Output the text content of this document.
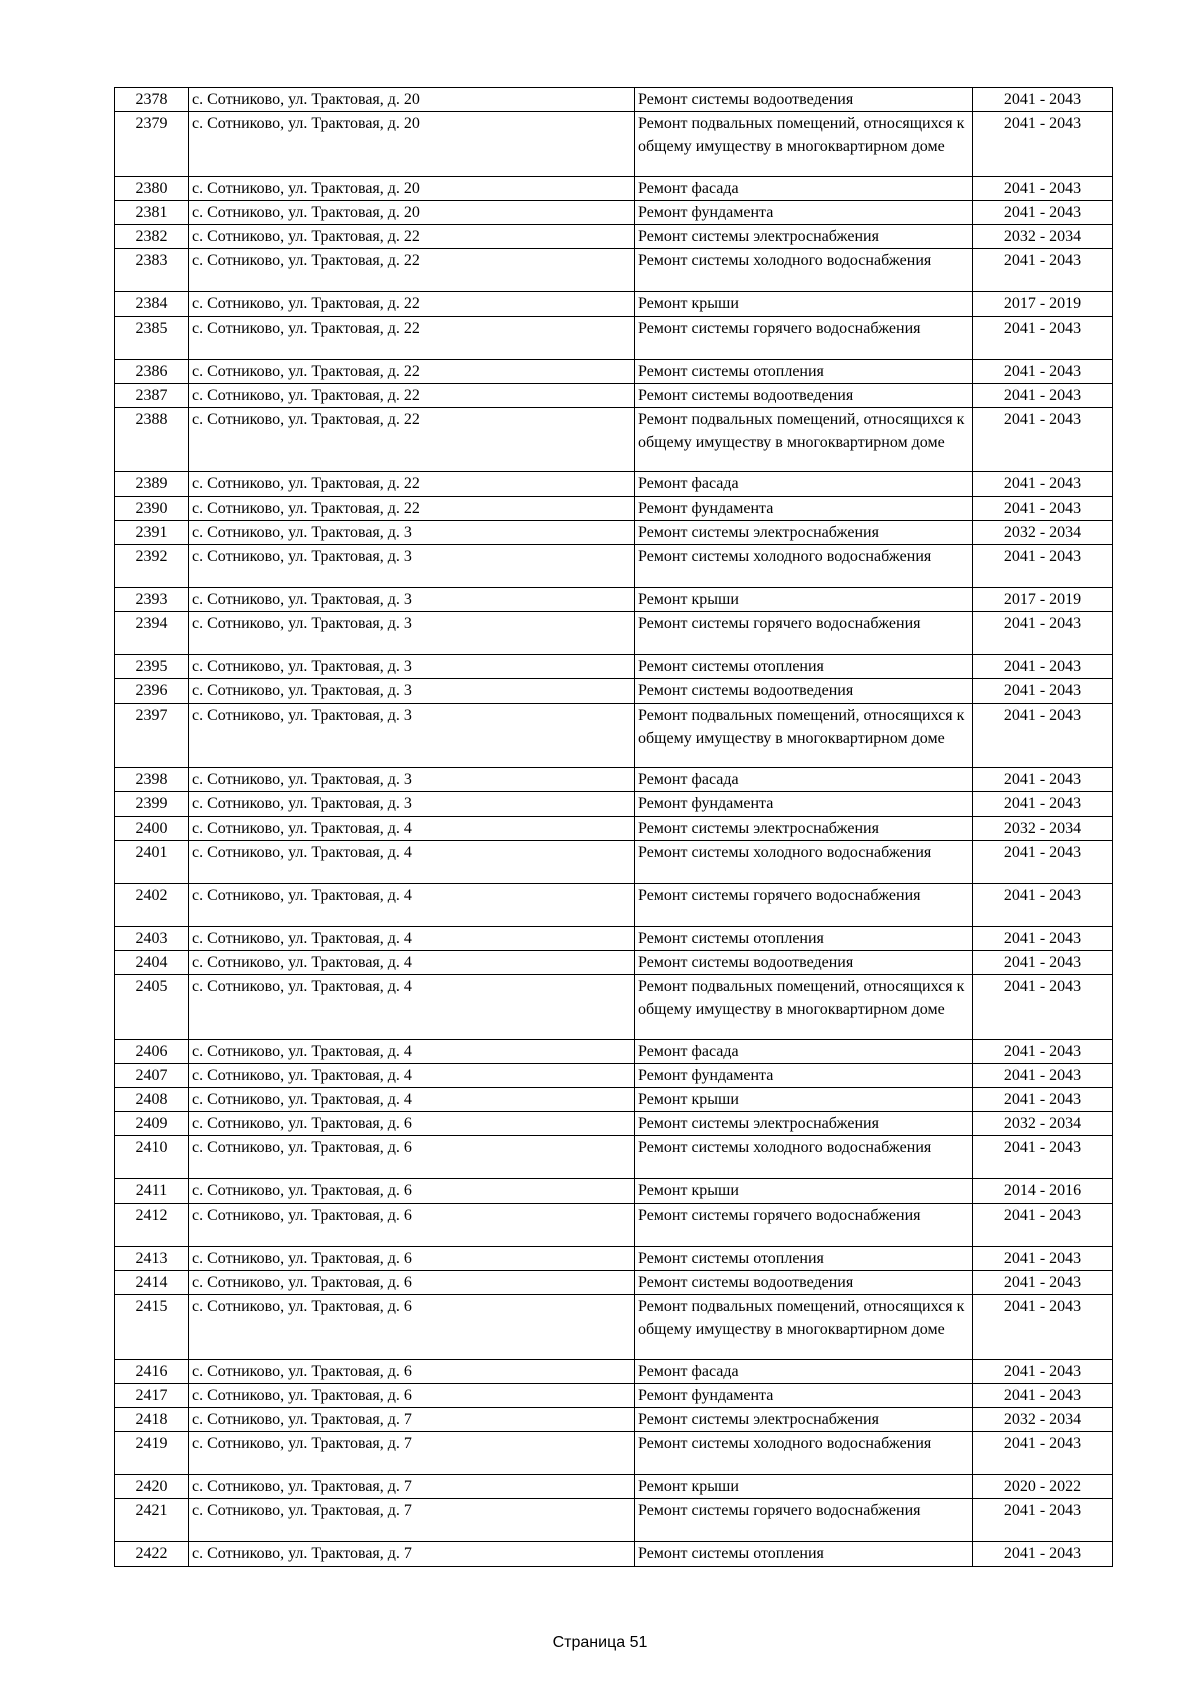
2378	с. Сотниково, ул. Трактовая, д. 20	Ремонт системы водоотведения	2041 - 2043
2379	с. Сотниково, ул. Трактовая, д. 20	Ремонт подвальных помещений, относящихся к общему имуществу в многоквартирном доме	2041 - 2043
2380	с. Сотниково, ул. Трактовая, д. 20	Ремонт фасада	2041 - 2043
2381	с. Сотниково, ул. Трактовая, д. 20	Ремонт фундамента	2041 - 2043
2382	с. Сотниково, ул. Трактовая, д. 22	Ремонт системы электроснабжения	2032 - 2034
2383	с. Сотниково, ул. Трактовая, д. 22	Ремонт системы холодного водоснабжения	2041 - 2043
2384	с. Сотниково, ул. Трактовая, д. 22	Ремонт крыши	2017 - 2019
2385	с. Сотниково, ул. Трактовая, д. 22	Ремонт системы горячего водоснабжения	2041 - 2043
2386	с. Сотниково, ул. Трактовая, д. 22	Ремонт системы отопления	2041 - 2043
2387	с. Сотниково, ул. Трактовая, д. 22	Ремонт системы водоотведения	2041 - 2043
2388	с. Сотниково, ул. Трактовая, д. 22	Ремонт подвальных помещений, относящихся к общему имуществу в многоквартирном доме	2041 - 2043
2389	с. Сотниково, ул. Трактовая, д. 22	Ремонт фасада	2041 - 2043
2390	с. Сотниково, ул. Трактовая, д. 22	Ремонт фундамента	2041 - 2043
2391	с. Сотниково, ул. Трактовая, д. 3	Ремонт системы электроснабжения	2032 - 2034
2392	с. Сотниково, ул. Трактовая, д. 3	Ремонт системы холодного водоснабжения	2041 - 2043
2393	с. Сотниково, ул. Трактовая, д. 3	Ремонт крыши	2017 - 2019
2394	с. Сотниково, ул. Трактовая, д. 3	Ремонт системы горячего водоснабжения	2041 - 2043
2395	с. Сотниково, ул. Трактовая, д. 3	Ремонт системы отопления	2041 - 2043
2396	с. Сотниково, ул. Трактовая, д. 3	Ремонт системы водоотведения	2041 - 2043
2397	с. Сотниково, ул. Трактовая, д. 3	Ремонт подвальных помещений, относящихся к общему имуществу в многоквартирном доме	2041 - 2043
2398	с. Сотниково, ул. Трактовая, д. 3	Ремонт фасада	2041 - 2043
2399	с. Сотниково, ул. Трактовая, д. 3	Ремонт фундамента	2041 - 2043
2400	с. Сотниково, ул. Трактовая, д. 4	Ремонт системы электроснабжения	2032 - 2034
2401	с. Сотниково, ул. Трактовая, д. 4	Ремонт системы холодного водоснабжения	2041 - 2043
2402	с. Сотниково, ул. Трактовая, д. 4	Ремонт системы горячего водоснабжения	2041 - 2043
2403	с. Сотниково, ул. Трактовая, д. 4	Ремонт системы отопления	2041 - 2043
2404	с. Сотниково, ул. Трактовая, д. 4	Ремонт системы водоотведения	2041 - 2043
2405	с. Сотниково, ул. Трактовая, д. 4	Ремонт подвальных помещений, относящихся к общему имуществу в многоквартирном доме	2041 - 2043
2406	с. Сотниково, ул. Трактовая, д. 4	Ремонт фасада	2041 - 2043
2407	с. Сотниково, ул. Трактовая, д. 4	Ремонт фундамента	2041 - 2043
2408	с. Сотниково, ул. Трактовая, д. 4	Ремонт крыши	2041 - 2043
2409	с. Сотниково, ул. Трактовая, д. 6	Ремонт системы электроснабжения	2032 - 2034
2410	с. Сотниково, ул. Трактовая, д. 6	Ремонт системы холодного водоснабжения	2041 - 2043
2411	с. Сотниково, ул. Трактовая, д. 6	Ремонт крыши	2014 - 2016
2412	с. Сотниково, ул. Трактовая, д. 6	Ремонт системы горячего водоснабжения	2041 - 2043
2413	с. Сотниково, ул. Трактовая, д. 6	Ремонт системы отопления	2041 - 2043
2414	с. Сотниково, ул. Трактовая, д. 6	Ремонт системы водоотведения	2041 - 2043
2415	с. Сотниково, ул. Трактовая, д. 6	Ремонт подвальных помещений, относящихся к общему имуществу в многоквартирном доме	2041 - 2043
2416	с. Сотниково, ул. Трактовая, д. 6	Ремонт фасада	2041 - 2043
2417	с. Сотниково, ул. Трактовая, д. 6	Ремонт фундамента	2041 - 2043
2418	с. Сотниково, ул. Трактовая, д. 7	Ремонт системы электроснабжения	2032 - 2034
2419	с. Сотниково, ул. Трактовая, д. 7	Ремонт системы холодного водоснабжения	2041 - 2043
2420	с. Сотниково, ул. Трактовая, д. 7	Ремонт крыши	2020 - 2022
2421	с. Сотниково, ул. Трактовая, д. 7	Ремонт системы горячего водоснабжения	2041 - 2043
2422	с. Сотниково, ул. Трактовая, д. 7	Ремонт системы отопления	2041 - 2043
Страница 51
